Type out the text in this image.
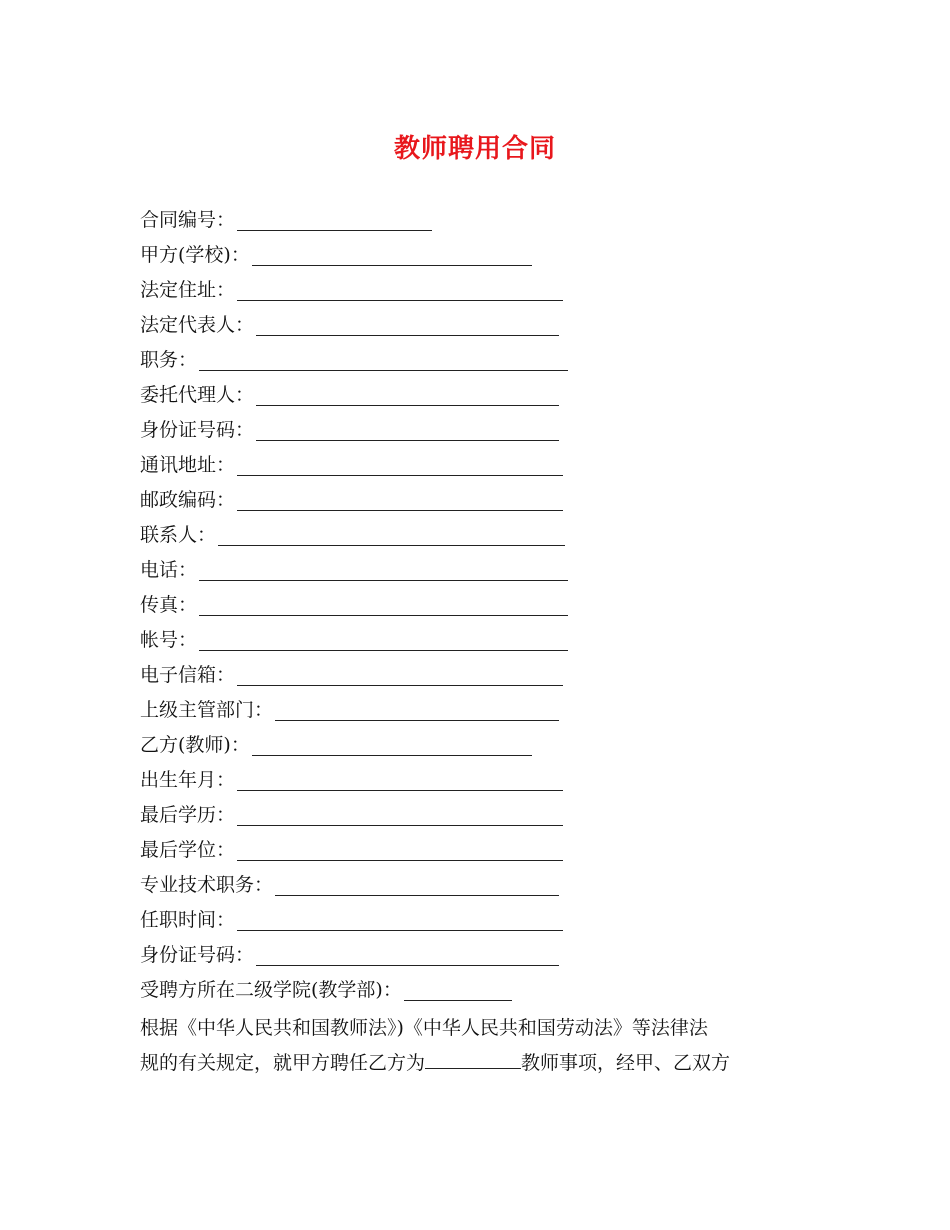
教师聘用合同
合同编号：
甲方(学校)：
法定住址：
法定代表人：
职务：
委托代理人：
身份证号码：
通讯地址：
邮政编码：
联系人：
电话：
传真：
帐号：
电子信箱：
上级主管部门：
乙方(教师)：
出生年月：
最后学历：
最后学位：
专业技术职务：
任职时间：
身份证号码：
受聘方所在二级学院(教学部)：

根据《中华人民共和国教师法》)《中华人民共和国劳动法》等法律法
规的有关规定，就甲方聘任乙方为	教师事项，经甲、乙双方
